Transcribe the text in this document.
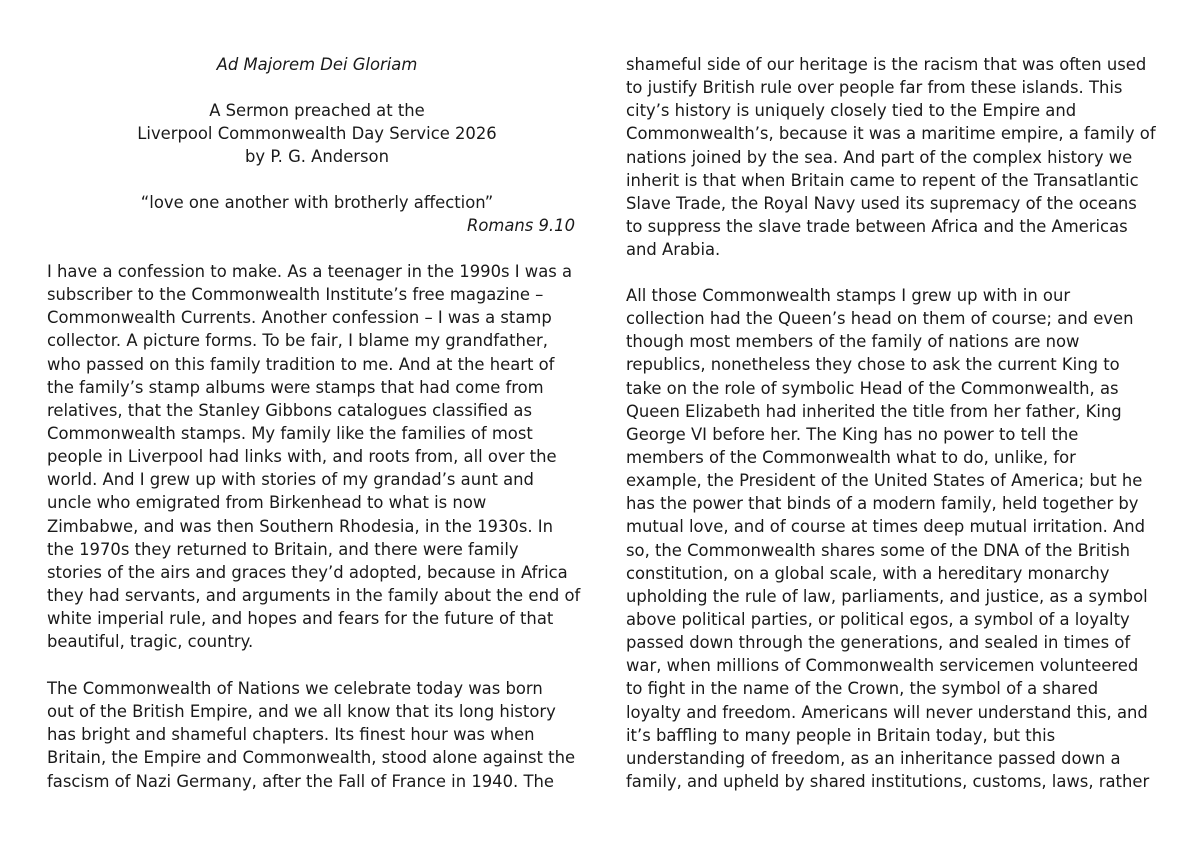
Ad Majorem Dei Gloriam
A Sermon preached at the
Liverpool Commonwealth Day Service 2026
by P. G. Anderson
“love one another with brotherly affection”
Romans 9.10
I have a confession to make. As a teenager in the 1990s I was a
subscriber to the Commonwealth Institute’s free magazine –
Commonwealth Currents. Another confession – I was a stamp
collector. A picture forms. To be fair, I blame my grandfather,
who passed on this family tradition to me. And at the heart of
the family’s stamp albums were stamps that had come from
relatives, that the Stanley Gibbons catalogues classified as
Commonwealth stamps. My family like the families of most
people in Liverpool had links with, and roots from, all over the
world. And I grew up with stories of my grandad’s aunt and
uncle who emigrated from Birkenhead to what is now
Zimbabwe, and was then Southern Rhodesia, in the 1930s. In
the 1970s they returned to Britain, and there were family
stories of the airs and graces they’d adopted, because in Africa
they had servants, and arguments in the family about the end of
white imperial rule, and hopes and fears for the future of that
beautiful, tragic, country.
The Commonwealth of Nations we celebrate today was born
out of the British Empire, and we all know that its long history
has bright and shameful chapters. Its finest hour was when
Britain, the Empire and Commonwealth, stood alone against the
fascism of Nazi Germany, after the Fall of France in 1940. The
shameful side of our heritage is the racism that was often used
to justify British rule over people far from these islands. This
city’s history is uniquely closely tied to the Empire and
Commonwealth’s, because it was a maritime empire, a family of
nations joined by the sea. And part of the complex history we
inherit is that when Britain came to repent of the Transatlantic
Slave Trade, the Royal Navy used its supremacy of the oceans
to suppress the slave trade between Africa and the Americas
and Arabia.
All those Commonwealth stamps I grew up with in our
collection had the Queen’s head on them of course; and even
though most members of the family of nations are now
republics, nonetheless they chose to ask the current King to
take on the role of symbolic Head of the Commonwealth, as
Queen Elizabeth had inherited the title from her father, King
George VI before her. The King has no power to tell the
members of the Commonwealth what to do, unlike, for
example, the President of the United States of America; but he
has the power that binds of a modern family, held together by
mutual love, and of course at times deep mutual irritation. And
so, the Commonwealth shares some of the DNA of the British
constitution, on a global scale, with a hereditary monarchy
upholding the rule of law, parliaments, and justice, as a symbol
above political parties, or political egos, a symbol of a loyalty
passed down through the generations, and sealed in times of
war, when millions of Commonwealth servicemen volunteered
to fight in the name of the Crown, the symbol of a shared
loyalty and freedom. Americans will never understand this, and
it’s baffling to many people in Britain today, but this
understanding of freedom, as an inheritance passed down a
family, and upheld by shared institutions, customs, laws, rather
